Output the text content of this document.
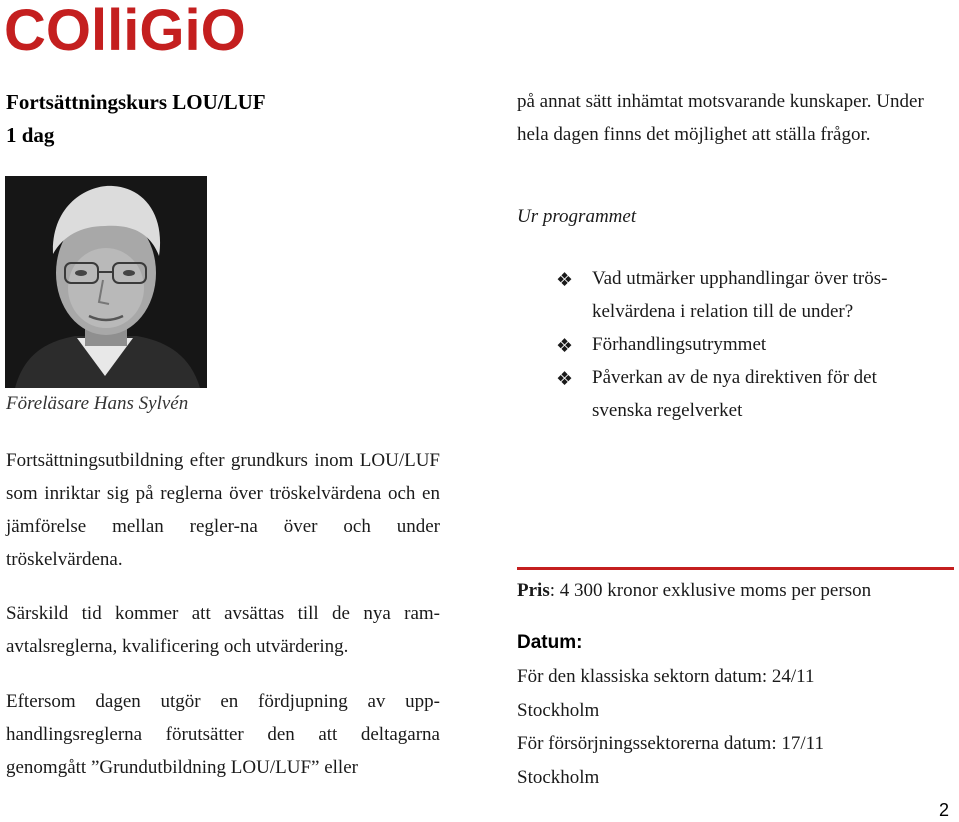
COlliGiO
Fortsättningskurs LOU/LUF
1 dag
Föreläsare Hans Sylvén
Fortsättningsutbildning efter grundkurs inom LOU/LUF som inriktar sig på reglerna över tröskelvärdena och en jämförelse mellan regler-na över och under tröskelvärdena.
Särskild tid kommer att avsättas till de nya ram-avtalsreglerna, kvalificering och utvärdering.
Eftersom dagen utgör en fördjupning av upp-handlingsreglerna förutsätter den att deltagarna genomgått ”Grundutbildning LOU/LUF” eller
på annat sätt inhämtat motsvarande kunskaper. Under hela dagen finns det möjlighet att ställa frågor.
Ur programmet
❖ Vad utmärker upphandlingar över trös-kelvärdena i relation till de under?
❖ Förhandlingsutrymmet
❖ Påverkan av de nya direktiven för det svenska regelverket
Pris: 4 300 kronor exklusive moms per person
Datum:
För den klassiska sektorn datum: 24/11
Stockholm
För försörjningssektorerna datum: 17/11
Stockholm
2
